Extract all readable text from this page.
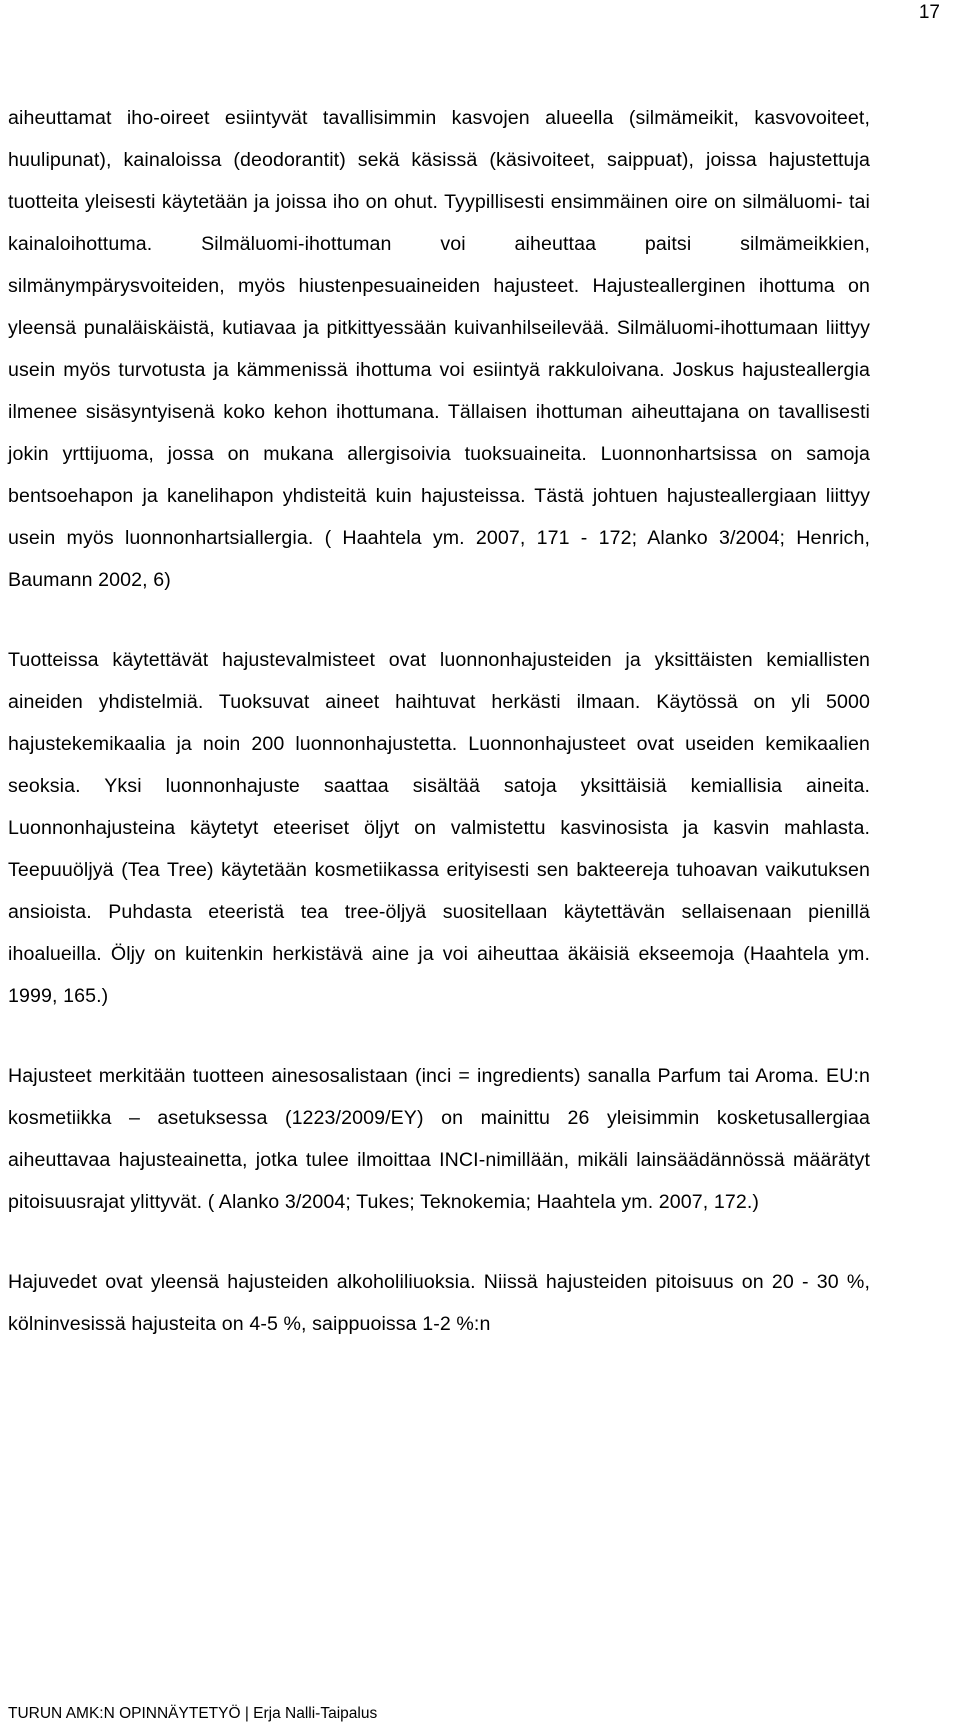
17

aiheuttamat iho-oireet esiintyvät tavallisimmin kasvojen alueella (silmämeikit, kasvovoiteet, huulipunat), kainaloissa (deodorantit) sekä käsissä (käsivoiteet, saippuat), joissa hajustettuja tuotteita yleisesti käytetään ja joissa iho on ohut. Tyypillisesti ensimmäinen oire on silmäluomi- tai kainaloihottuma. Silmäluomi-ihottuman voi aiheuttaa paitsi silmämeikkien, silmänympärysvoiteiden, myös hiustenpesuaineiden hajusteet. Hajusteallerginen ihottuma on yleensä punaläiskäistä, kutiavaa ja pitkittyessään kuivanhilseilevää. Silmäluomi-ihottumaan liittyy usein myös turvotusta ja kämmenissä ihottuma voi esiintyä rakkuloivana. Joskus hajusteallergia ilmenee sisäsyntyisenä koko kehon ihottumana. Tällaisen ihottuman aiheuttajana on tavallisesti jokin yrttijuoma, jossa on mukana allergisoivia tuoksuaineita. Luonnonhartsissa on samoja bentsoehapon ja kanelihapon yhdisteitä kuin hajusteissa. Tästä johtuen hajusteallergiaan liittyy usein myös luonnonhartsiallergia. ( Haahtela ym. 2007, 171 - 172; Alanko 3/2004; Henrich, Baumann 2002, 6)

Tuotteissa käytettävät hajustevalmisteet ovat luonnonhajusteiden ja yksittäisten kemiallisten aineiden yhdistelmiä. Tuoksuvat aineet haihtuvat herkästi ilmaan. Käytössä on yli 5000 hajustekemikaalia ja noin 200 luonnonhajustetta. Luonnonhajusteet ovat useiden kemikaalien seoksia. Yksi luonnonhajuste saattaa sisältää satoja yksittäisiä kemiallisia aineita. Luonnonhajusteina käytetyt eteeriset öljyt on valmistettu kasvinosista ja kasvin mahlasta. Teepuuöljyä (Tea Tree) käytetään kosmetiikassa erityisesti sen bakteereja tuhoavan vaikutuksen ansioista. Puhdasta eteeristä tea tree-öljyä suositellaan käytettävän sellaisenaan pienillä ihoalueilla. Öljy on kuitenkin herkistävä aine ja voi aiheuttaa äkäisiä ekseemoja (Haahtela ym. 1999, 165.)

Hajusteet merkitään tuotteen ainesosalistaan (inci = ingredients) sanalla Parfum tai Aroma. EU:n kosmetiikka – asetuksessa (1223/2009/EY) on mainittu 26 yleisimmin kosketusallergiaa aiheuttavaa hajusteainetta, jotka tulee ilmoittaa INCI-nimillään, mikäli lainsäädännössä määrätyt pitoisuusrajat ylittyvät. ( Alanko 3/2004; Tukes; Teknokemia; Haahtela ym. 2007, 172.)

Hajuvedet ovat yleensä hajusteiden alkoholiliuoksia. Niissä hajusteiden pitoisuus on 20 - 30 %, kölninvesissä hajusteita on 4-5 %, saippuoissa 1-2 %:n

TURUN AMK:N OPINNÄYTETYÖ | Erja Nalli-Taipalus
